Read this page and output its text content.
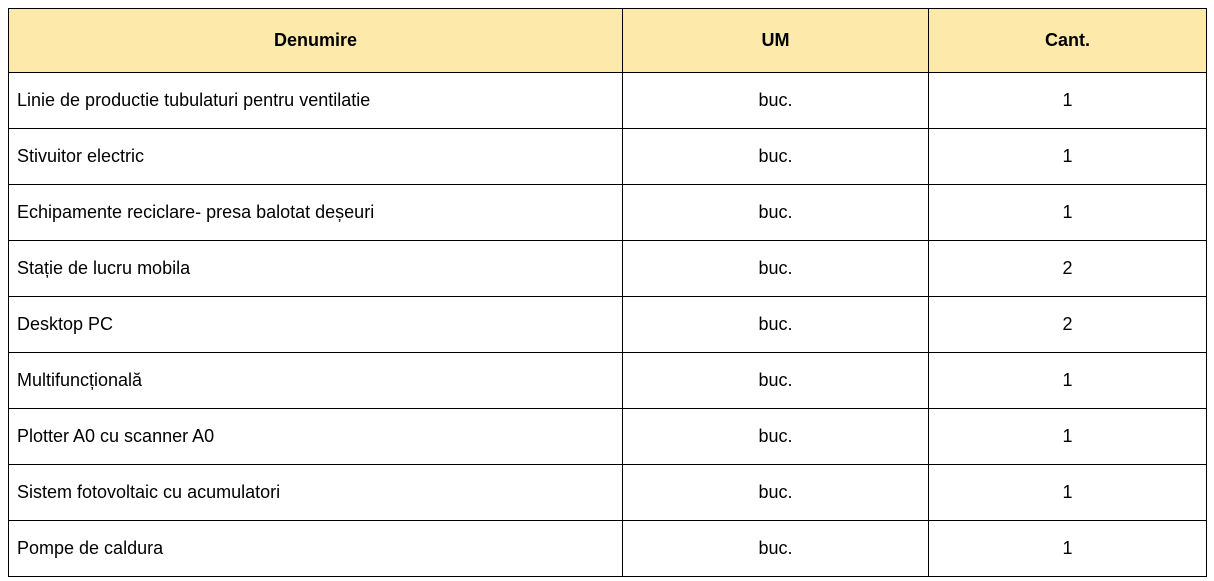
Denumire	UM	Cant.
Linie de productie tubulaturi pentru ventilatie	buc.	1
Stivuitor electric	buc.	1
Echipamente reciclare- presa balotat deșeuri	buc.	1
Stație de lucru mobila	buc.	2
Desktop PC	buc.	2
Multifuncțională	buc.	1
Plotter A0 cu scanner A0	buc.	1
Sistem fotovoltaic cu acumulatori	buc.	1
Pompe de caldura	buc.	1
